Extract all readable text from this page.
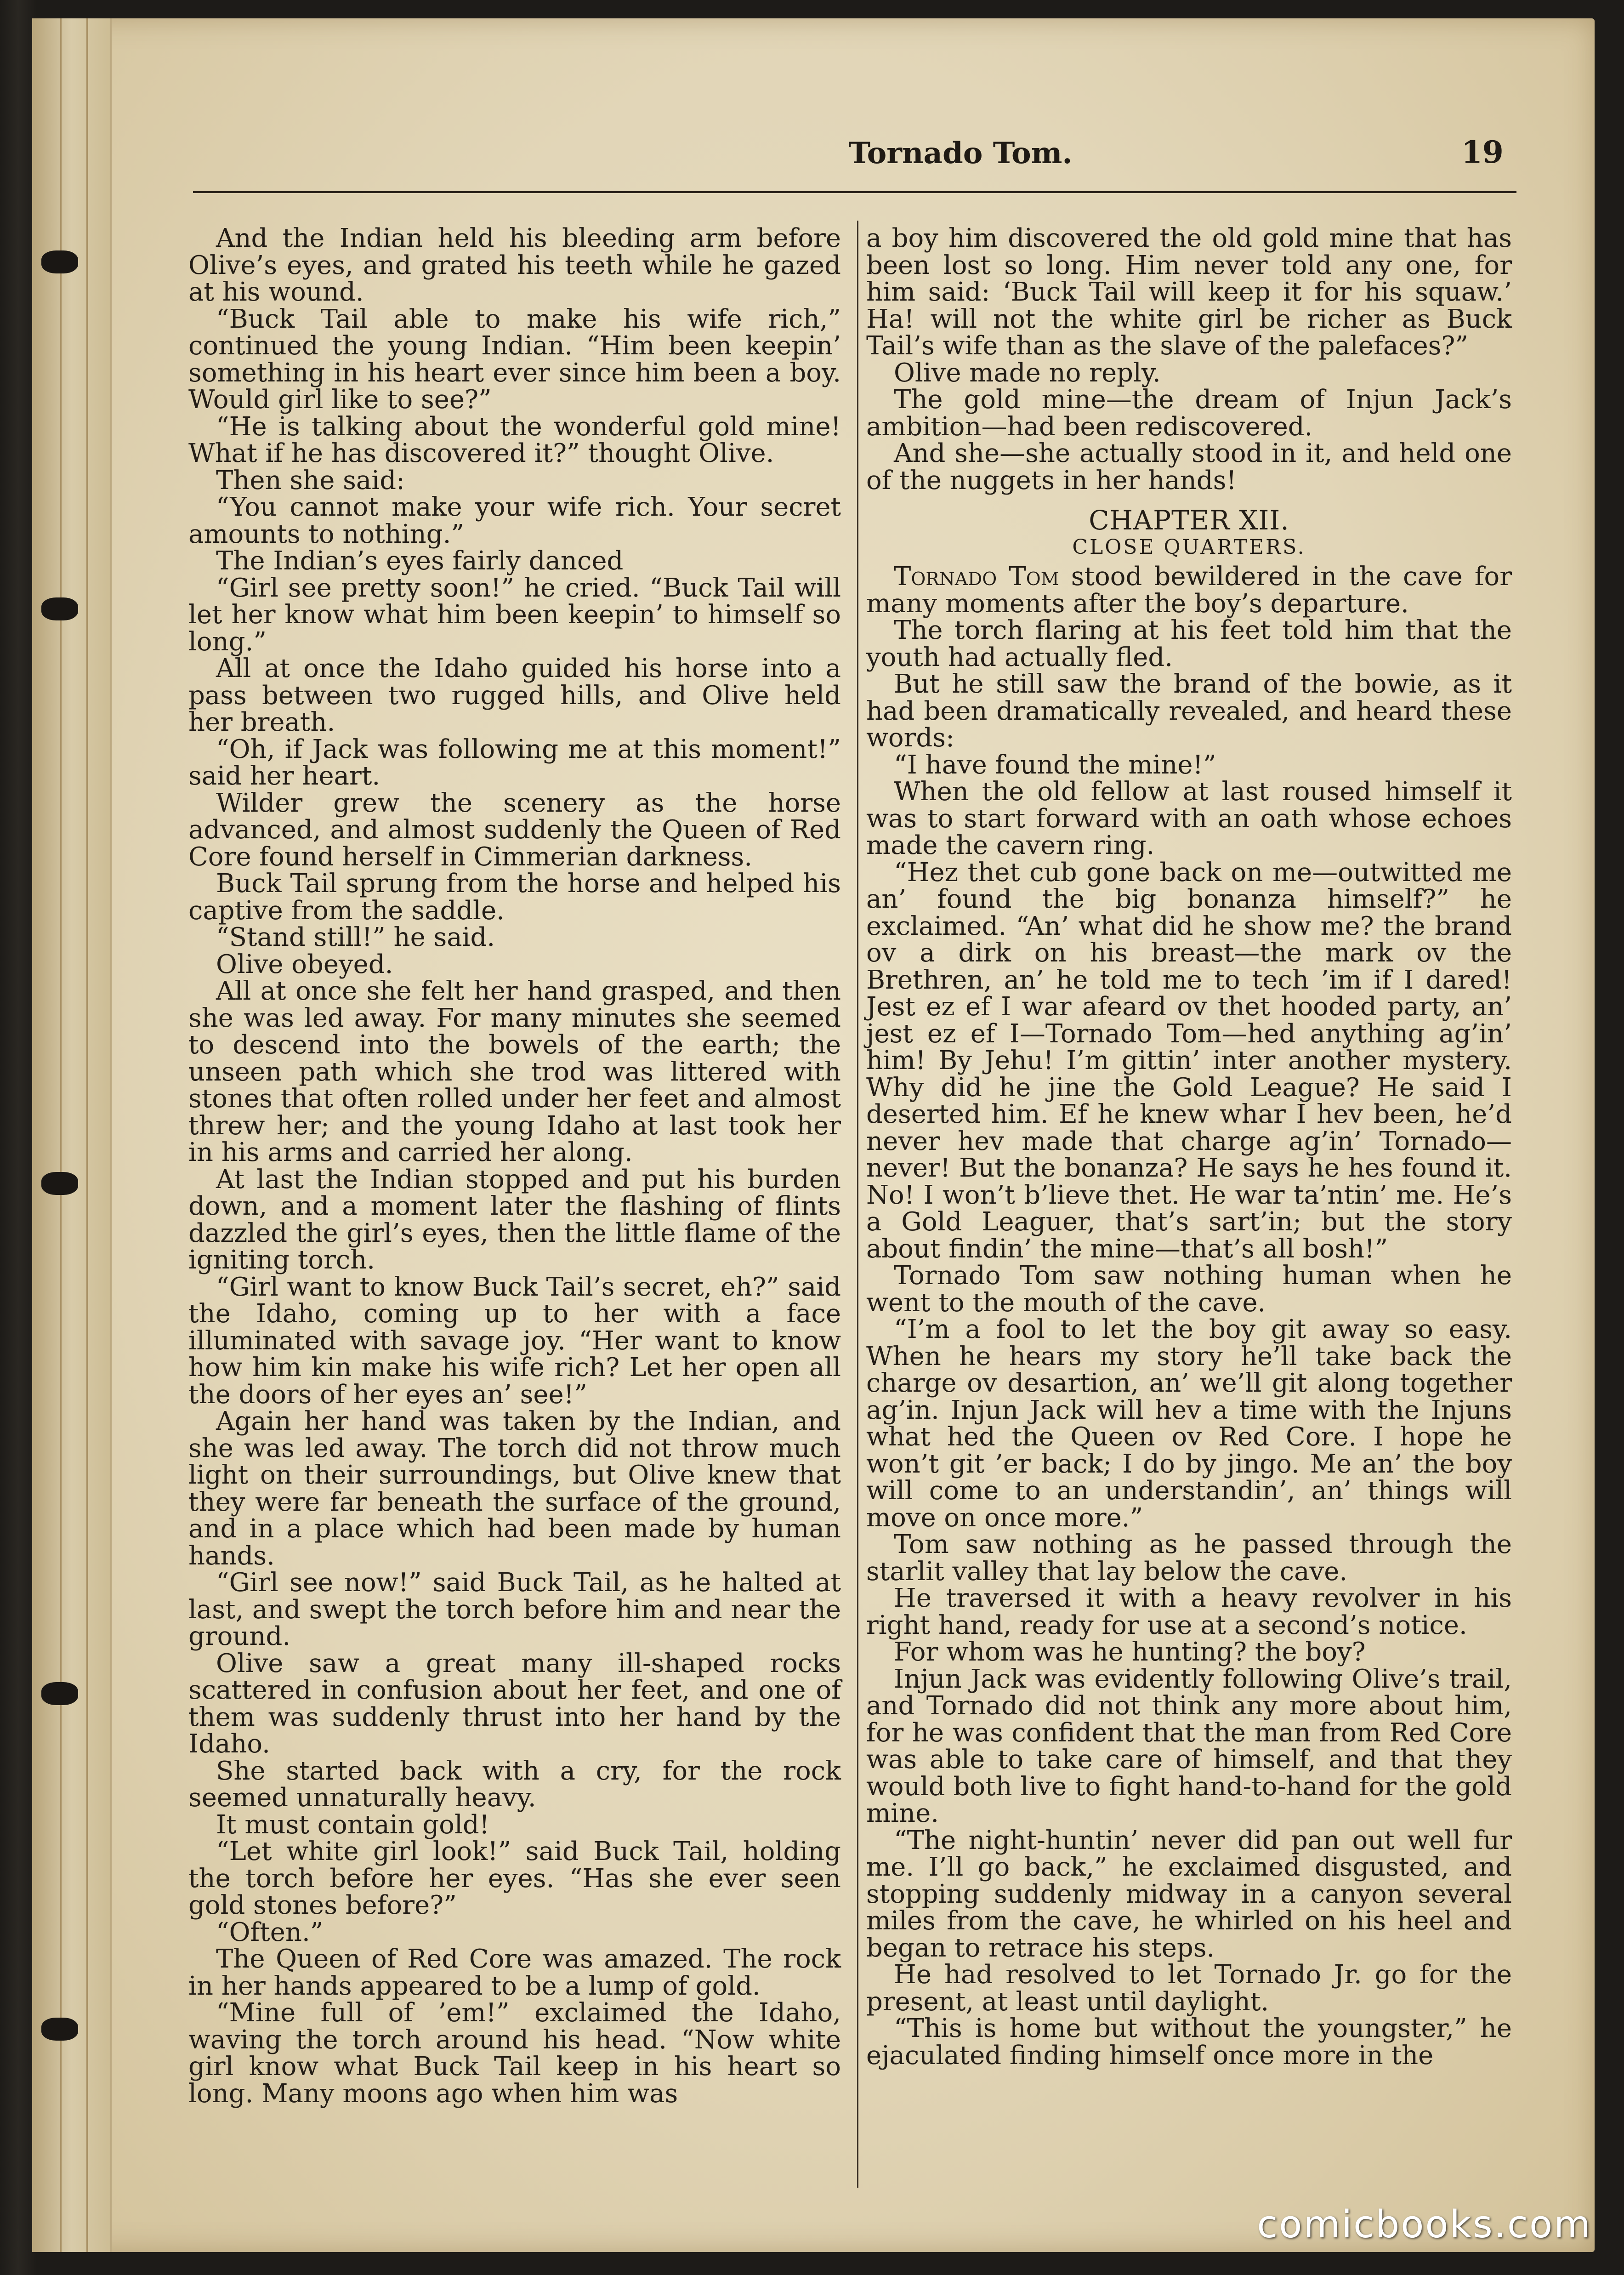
Tornado Tom.	19

And the Indian held his bleeding arm before Olive’s eyes, and grated his teeth while he gazed at his wound.

“Buck Tail able to make his wife rich,” continued the young Indian. “Him been keepin’ something in his heart ever since him been a boy. Would girl like to see?”

“He is talking about the wonderful gold mine! What if he has discovered it?” thought Olive.

Then she said:

“You cannot make your wife rich. Your secret amounts to nothing.”

The Indian’s eyes fairly danced

“Girl see pretty soon!” he cried. “Buck Tail will let her know what him been keepin’ to himself so long.”

All at once the Idaho guided his horse into a pass between two rugged hills, and Olive held her breath.

“Oh, if Jack was following me at this moment!” said her heart.

Wilder grew the scenery as the horse advanced, and almost suddenly the Queen of Red Core found herself in Cimmerian darkness.

Buck Tail sprung from the horse and helped his captive from the saddle.

“Stand still!” he said.

Olive obeyed.

All at once she felt her hand grasped, and then she was led away. For many minutes she seemed to descend into the bowels of the earth; the unseen path which she trod was littered with stones that often rolled under her feet and almost threw her; and the young Idaho at last took her in his arms and carried her along.

At last the Indian stopped and put his burden down, and a moment later the flashing of flints dazzled the girl’s eyes, then the little flame of the igniting torch.

“Girl want to know Buck Tail’s secret, eh?” said the Idaho, coming up to her with a face illuminated with savage joy. “Her want to know how him kin make his wife rich? Let her open all the doors of her eyes an’ see!”

Again her hand was taken by the Indian, and she was led away. The torch did not throw much light on their surroundings, but Olive knew that they were far beneath the surface of the ground, and in a place which had been made by human hands.

“Girl see now!” said Buck Tail, as he halted at last, and swept the torch before him and near the ground.

Olive saw a great many ill-shaped rocks scattered in confusion about her feet, and one of them was suddenly thrust into her hand by the Idaho.

She started back with a cry, for the rock seemed unnaturally heavy.

It must contain gold!

“Let white girl look!” said Buck Tail, holding the torch before her eyes. “Has she ever seen gold stones before?”

“Often.”

The Queen of Red Core was amazed. The rock in her hands appeared to be a lump of gold.

“Mine full of ’em!” exclaimed the Idaho, waving the torch around his head. “Now white girl know what Buck Tail keep in his heart so long. Many moons ago when him was

a boy him discovered the old gold mine that has been lost so long. Him never told any one, for him said: ‘Buck Tail will keep it for his squaw.’ Ha! will not the white girl be richer as Buck Tail’s wife than as the slave of the palefaces?”

Olive made no reply.

The gold mine—the dream of Injun Jack’s ambition—had been rediscovered.

And she—she actually stood in it, and held one of the nuggets in her hands!

CHAPTER XII.
CLOSE QUARTERS.

Tornado Tom stood bewildered in the cave for many moments after the boy’s departure.

The torch flaring at his feet told him that the youth had actually fled.

But he still saw the brand of the bowie, as it had been dramatically revealed, and heard these words:

“I have found the mine!”

When the old fellow at last roused himself it was to start forward with an oath whose echoes made the cavern ring.

“Hez thet cub gone back on me—outwitted me an’ found the big bonanza himself?” he exclaimed. “An’ what did he show me? the brand ov a dirk on his breast—the mark ov the Brethren, an’ he told me to tech ’im if I dared! Jest ez ef I war afeard ov thet hooded party, an’ jest ez ef I—Tornado Tom—hed anything ag’in’ him! By Jehu! I’m gittin’ inter another mystery. Why did he jine the Gold League? He said I deserted him. Ef he knew whar I hev been, he’d never hev made that charge ag’in’ Tornado—never! But the bonanza? He says he hes found it. No! I won’t b’lieve thet. He war ta’ntin’ me. He’s a Gold Leaguer, that’s sart’in; but the story about findin’ the mine—that’s all bosh!”

Tornado Tom saw nothing human when he went to the mouth of the cave.

“I’m a fool to let the boy git away so easy. When he hears my story he’ll take back the charge ov desartion, an’ we’ll git along together ag’in. Injun Jack will hev a time with the Injuns what hed the Queen ov Red Core. I hope he won’t git ’er back; I do by jingo. Me an’ the boy will come to an understandin’, an’ things will move on once more.”

Tom saw nothing as he passed through the starlit valley that lay below the cave.

He traversed it with a heavy revolver in his right hand, ready for use at a second’s notice.

For whom was he hunting? the boy?

Injun Jack was evidently following Olive’s trail, and Tornado did not think any more about him, for he was confident that the man from Red Core was able to take care of himself, and that they would both live to fight hand-to-hand for the gold mine.

“The night-huntin’ never did pan out well fur me. I’ll go back,” he exclaimed disgusted, and stopping suddenly midway in a canyon several miles from the cave, he whirled on his heel and began to retrace his steps.

He had resolved to let Tornado Jr. go for the present, at least until daylight.

“This is home but without the youngster,” he ejaculated finding himself once more in the

comicbooks.com
